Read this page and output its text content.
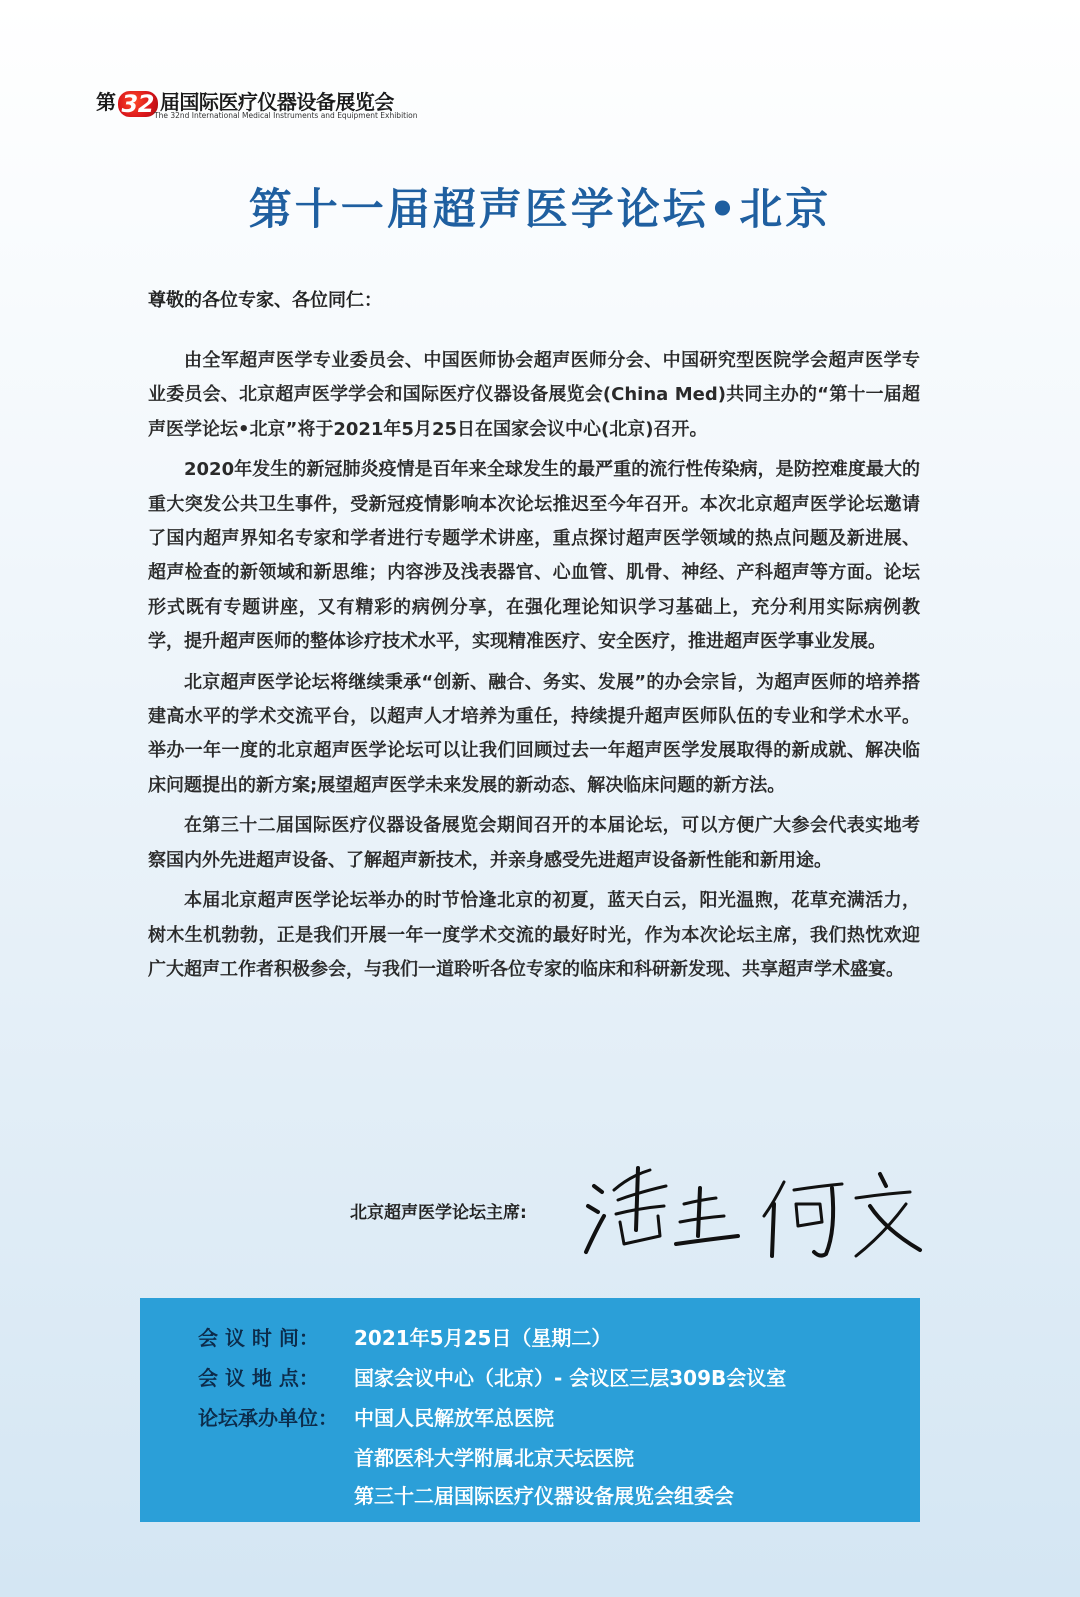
第 32 届国际医疗仪器设备展览会
The 32nd International Medical Instruments and Equipment Exhibition
第十一届超声医学论坛•北京
尊敬的各位专家、各位同仁：

由全军超声医学专业委员会、中国医师协会超声医师分会、中国研究型医院学会超声医学专业委员会、北京超声医学学会和国际医疗仪器设备展览会(China Med)共同主办的“第十一届超声医学论坛•北京”将于2021年5月25日在国家会议中心(北京)召开。

2020年发生的新冠肺炎疫情是百年来全球发生的最严重的流行性传染病，是防控难度最大的重大突发公共卫生事件，受新冠疫情影响本次论坛推迟至今年召开。本次北京超声医学论坛邀请了国内超声界知名专家和学者进行专题学术讲座，重点探讨超声医学领域的热点问题及新进展、超声检查的新领域和新思维；内容涉及浅表器官、心血管、肌骨、神经、产科超声等方面。论坛形式既有专题讲座，又有精彩的病例分享，在强化理论知识学习基础上，充分利用实际病例教学，提升超声医师的整体诊疗技术水平，实现精准医疗、安全医疗，推进超声医学事业发展。

北京超声医学论坛将继续秉承“创新、融合、务实、发展”的办会宗旨，为超声医师的培养搭建高水平的学术交流平台，以超声人才培养为重任，持续提升超声医师队伍的专业和学术水平。举办一年一度的北京超声医学论坛可以让我们回顾过去一年超声医学发展取得的新成就、解决临床问题提出的新方案;展望超声医学未来发展的新动态、解决临床问题的新方法。

在第三十二届国际医疗仪器设备展览会期间召开的本届论坛，可以方便广大参会代表实地考察国内外先进超声设备、了解超声新技术，并亲身感受先进超声设备新性能和新用途。

本届北京超声医学论坛举办的时节恰逢北京的初夏，蓝天白云，阳光温煦，花草充满活力，树木生机勃勃，正是我们开展一年一度学术交流的最好时光，作为本次论坛主席，我们热忱欢迎广大超声工作者积极参会，与我们一道聆听各位专家的临床和科研新发现、共享超声学术盛宴。

北京超声医学论坛主席:
会 议 时 间： 2021年5月25日（星期二）
会 议 地 点： 国家会议中心（北京）- 会议区三层309B会议室
论坛承办单位： 中国人民解放军总医院
首都医科大学附属北京天坛医院
第三十二届国际医疗仪器设备展览会组委会
